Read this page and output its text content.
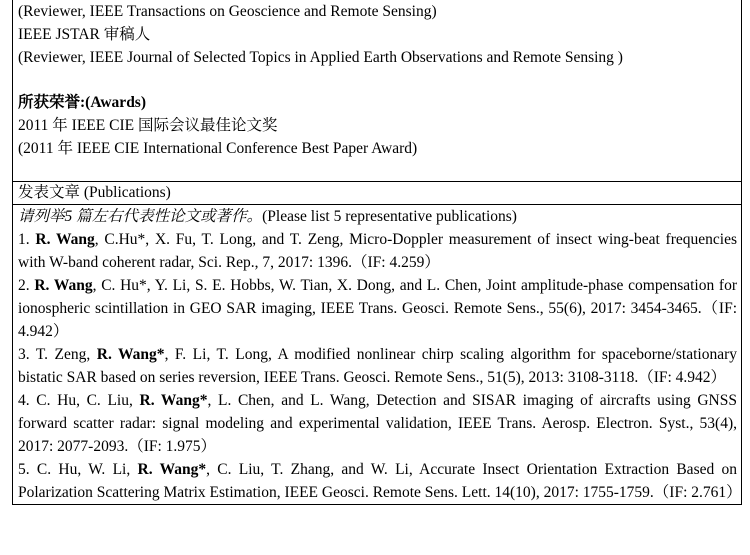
(Reviewer, IEEE Transactions on Geoscience and Remote Sensing)
IEEE JSTAR 审稿人
(Reviewer, IEEE Journal of Selected Topics in Applied Earth Observations and Remote Sensing )
所获荣誉:(Awards)
2011 年 IEEE CIE 国际会议最佳论文奖
(2011 年 IEEE CIE International Conference Best Paper Award)
发表文章 (Publications)
请列举5 篇左右代表性论文或著作。(Please list 5 representative publications)
1. R. Wang, C.Hu*, X. Fu, T. Long, and T. Zeng, Micro-Doppler measurement of insect wing-beat frequencies with W-band coherent radar, Sci. Rep., 7, 2017: 1396.（IF: 4.259）
2. R. Wang, C. Hu*, Y. Li, S. E. Hobbs, W. Tian, X. Dong, and L. Chen, Joint amplitude-phase compensation for ionospheric scintillation in GEO SAR imaging, IEEE Trans. Geosci. Remote Sens., 55(6), 2017: 3454-3465.（IF: 4.942）
3. T. Zeng, R. Wang*, F. Li, T. Long, A modified nonlinear chirp scaling algorithm for spaceborne/stationary bistatic SAR based on series reversion, IEEE Trans. Geosci. Remote Sens., 51(5), 2013: 3108-3118.（IF: 4.942）
4. C. Hu, C. Liu, R. Wang*, L. Chen, and L. Wang, Detection and SISAR imaging of aircrafts using GNSS forward scatter radar: signal modeling and experimental validation, IEEE Trans. Aerosp. Electron. Syst., 53(4), 2017: 2077-2093.（IF: 1.975）
5. C. Hu, W. Li, R. Wang*, C. Liu, T. Zhang, and W. Li, Accurate Insect Orientation Extraction Based on Polarization Scattering Matrix Estimation, IEEE Geosci. Remote Sens. Lett. 14(10), 2017: 1755-1759.（IF: 2.761）
